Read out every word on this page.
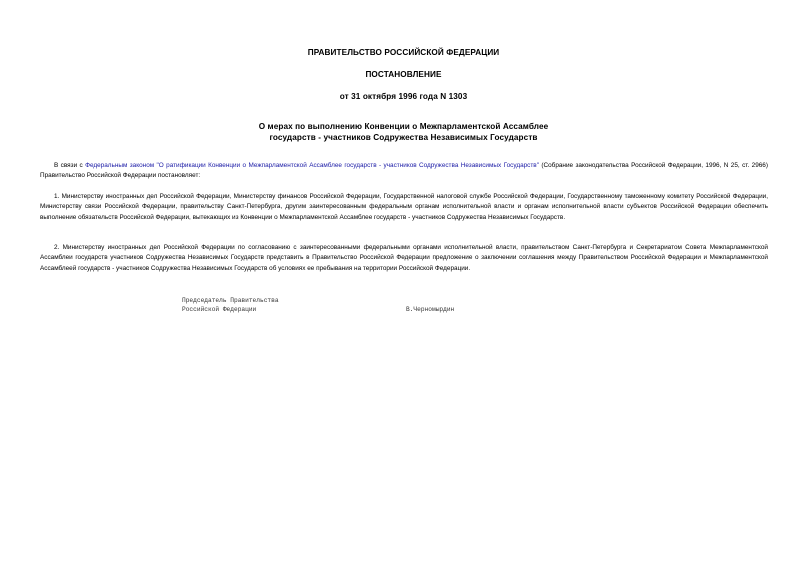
ПРАВИТЕЛЬСТВО РОССИЙСКОЙ ФЕДЕРАЦИИ
ПОСТАНОВЛЕНИЕ
от 31 октября 1996 года N 1303
О мерах по выполнению Конвенции о Межпарламентской Ассамблее
государств - участников Содружества Независимых Государств
В связи с Федеральным законом "О ратификации Конвенции о Межпарламентской Ассамблее государств - участников Содружества Независимых Государств" (Собрание законодательства Российской Федерации, 1996, N 25, ст. 2966) Правительство Российской Федерации постановляет:
1. Министерству иностранных дел Российской Федерации, Министерству финансов Российской Федерации, Государственной налоговой службе Российской Федерации, Государственному таможенному комитету Российской Федерации, Министерству связи Российской Федерации, правительству Санкт-Петербурга, другим заинтересованным федеральным органам исполнительной власти и органам исполнительной власти субъектов Российской Федерации обеспечить выполнение обязательств Российской Федерации, вытекающих из Конвенции о Межпарламентской Ассамблее государств - участников Содружества Независимых Государств.
2. Министерству иностранных дел Российской Федерации по согласованию с заинтересованными федеральными органами исполнительной власти, правительством Санкт-Петербурга и Секретариатом Совета Межпарламентской Ассамблеи государств участников Содружества Независимых Государств представить в Правительство Российской Федерации предложение о заключении соглашения между Правительством Российской Федерации и Межпарламентской Ассамблеей государств - участников Содружества Независимых Государств об условиях ее пребывания на территории Российской Федерации.
Председатель Правительства
Российской Федерации	В.Черномырдин
